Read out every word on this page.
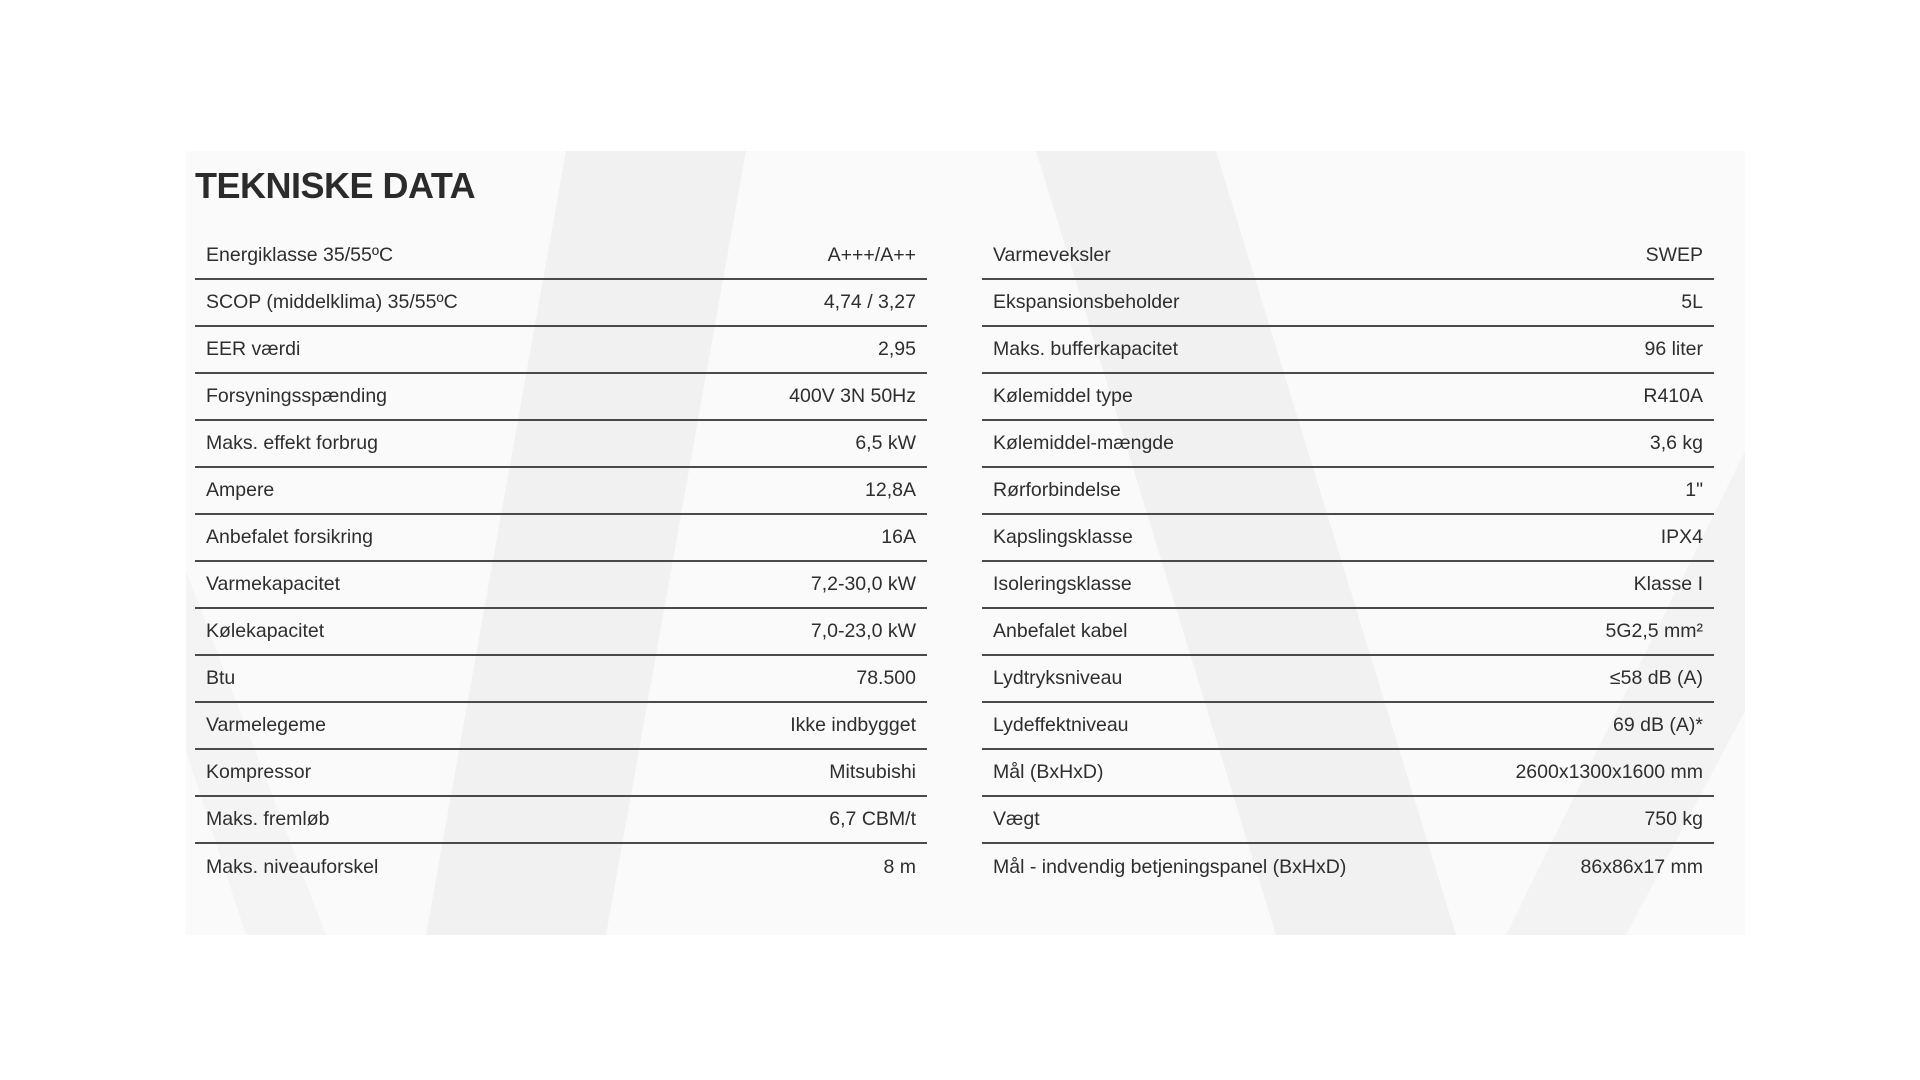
TEKNISKE DATA
Energiklasse 35/55ºC	A+++/A++
SCOP (middelklima) 35/55ºC	4,74 / 3,27
EER værdi	2,95
Forsyningsspænding	400V 3N 50Hz
Maks. effekt forbrug	6,5 kW
Ampere	12,8A
Anbefalet forsikring	16A
Varmekapacitet	7,2-30,0 kW
Kølekapacitet	7,0-23,0 kW
Btu	78.500
Varmelegeme	Ikke indbygget
Kompressor	Mitsubishi
Maks. fremløb	6,7 CBM/t
Maks. niveauforskel	8 m
Varmeveksler	SWEP
Ekspansionsbeholder	5L
Maks. bufferkapacitet	96 liter
Kølemiddel type	R410A
Kølemiddel-mængde	3,6 kg
Rørforbindelse	1"
Kapslingsklasse	IPX4
Isoleringsklasse	Klasse I
Anbefalet kabel	5G2,5 mm²
Lydtryksniveau	≤58 dB (A)
Lydeffektniveau	69 dB (A)*
Mål (BxHxD)	2600x1300x1600 mm
Vægt	750 kg
Mål - indvendig betjeningspanel (BxHxD)	86x86x17 mm
